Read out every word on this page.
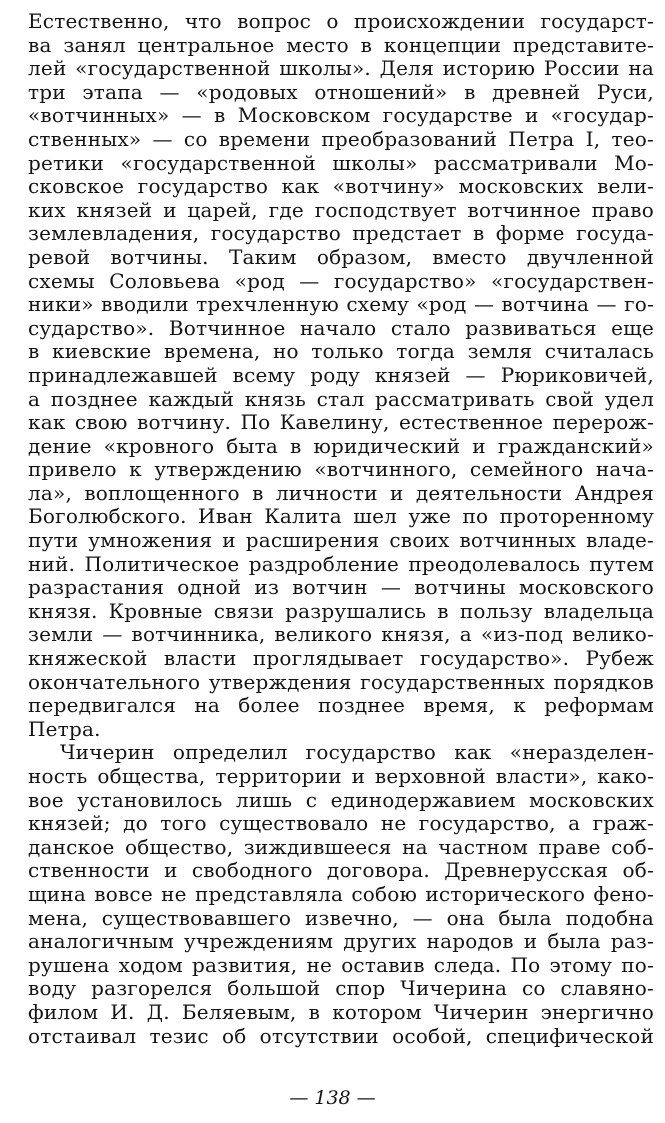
Естественно, что вопрос о происхождении государст-
ва занял центральное место в концепции представите-
лей «государственной школы». Деля историю России на
три этапа — «родовых отношений» в древней Руси,
«вотчинных» — в Московском государстве и «государ-
ственных» — со времени преобразований Петра I, тео-
ретики «государственной школы» рассматривали Мо-
сковское государство как «вотчину» московских вели-
ких князей и царей, где господствует вотчинное право
землевладения, государство предстает в форме госуда-
ревой вотчины. Таким образом, вместо двучленной
схемы Соловьева «род — государство» «государствен-
ники» вводили трехчленную схему «род — вотчина — го-
сударство». Вотчинное начало стало развиваться еще
в киевские времена, но только тогда земля считалась
принадлежавшей всему роду князей — Рюриковичей,
а позднее каждый князь стал рассматривать свой удел
как свою вотчину. По Кавелину, естественное перерож-
дение «кровного быта в юридический и гражданский»
привело к утверждению «вотчинного, семейного нача-
ла», воплощенного в личности и деятельности Андрея
Боголюбского. Иван Калита шел уже по проторенному
пути умножения и расширения своих вотчинных владе-
ний. Политическое раздробление преодолевалось путем
разрастания одной из вотчин — вотчины московского
князя. Кровные связи разрушались в пользу владельца
земли — вотчинника, великого князя, а «из-под велико-
княжеской власти проглядывает государство». Рубеж
окончательного утверждения государственных порядков
передвигался на более позднее время, к реформам
Петра.
Чичерин определил государство как «неразделен-
ность общества, территории и верховной власти», како-
вое установилось лишь с единодержавием московских
князей; до того существовало не государство, а граж-
данское общество, зиждившееся на частном праве соб-
ственности и свободного договора. Древнерусская об-
щина вовсе не представляла собою исторического фено-
мена, существовавшего извечно, — она была подобна
аналогичным учреждениям других народов и была раз-
рушена ходом развития, не оставив следа. По этому по-
воду разгорелся большой спор Чичерина со славяно-
филом И. Д. Беляевым, в котором Чичерин энергично
отстаивал тезис об отсутствии особой, специфической
— 138 —
